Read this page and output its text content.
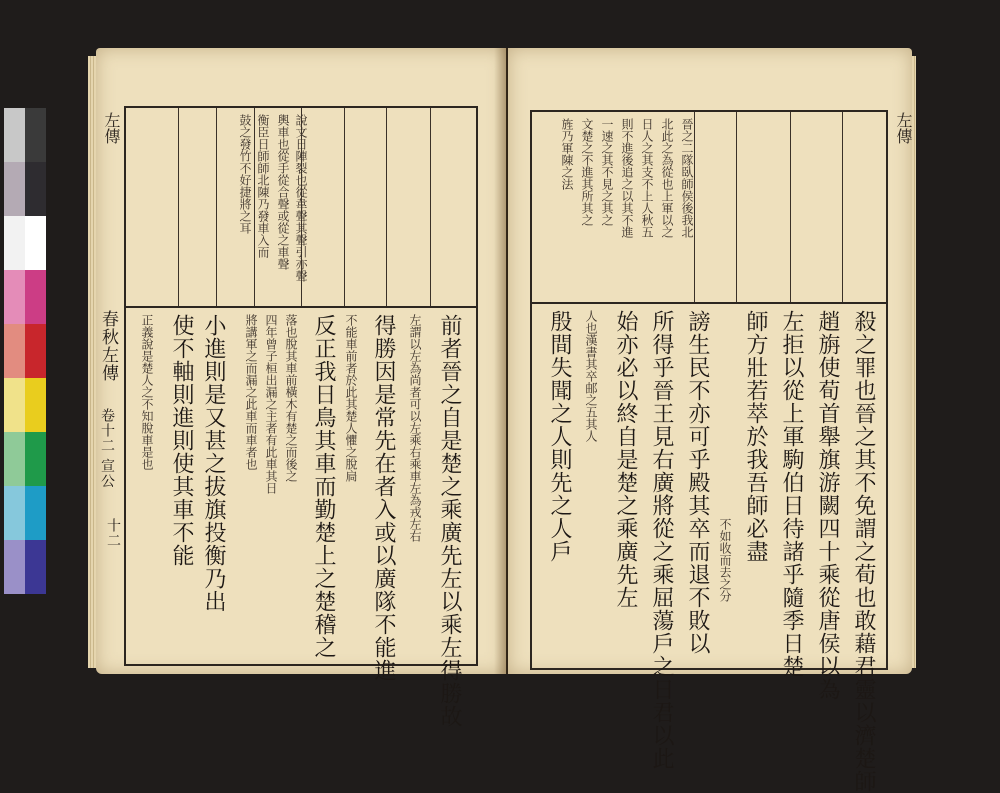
說文日陣裂也從韋聲其聲引亦聲
輿車也從手從合聲或從之車聲
衡臣日師師北陳乃發車入而
鼓之發竹不好捷將之耳
前者晉之自是楚之乘廣先左以乘左得勝故
左謂以左為尚者可以左乘右乘車左為戎左右
得勝因是常先在者入或以廣隊不能進
不能車前者於此其楚人懼之脫扃
反正我日鳥其車而勤楚上之楚稽之
落也脫其車前橫木有楚之而後之
四年曾子桓出漏之主者有此車其日
將講軍之而漏之此車而車者也
小進則是又甚之拔旗投衡乃出
使不軸則進則使其車不能
正義說是楚人之不知脫車是也
春秋左傳
卷十二 宣公
十二
左傳	晉之二隊臥師侯後我北
北此之為從也上軍以之
日人之其支不上人秋五
則不進後追之以其不進
一速之其不見之其之
文楚之不進其所其之
旌乃軍陳之法
殺之罪也晉之其不免謂之荀也敢藉君靈以濟楚師
趙旃使荀首舉旗游闕四十乘從唐侯以為
左拒以從上軍駒伯日待諸乎隨季日楚
師方壯若萃於我吾師必盡
不如收而去之分
謗生民不亦可乎殿其卒而退不敗以
所得乎晉王見右廣將從之乘屈蕩戶之日君以此
始亦必以終自是楚之乘廣先左
人也漢書其卒邮之五其人
殷間失聞之人則先之人戶
左傳
